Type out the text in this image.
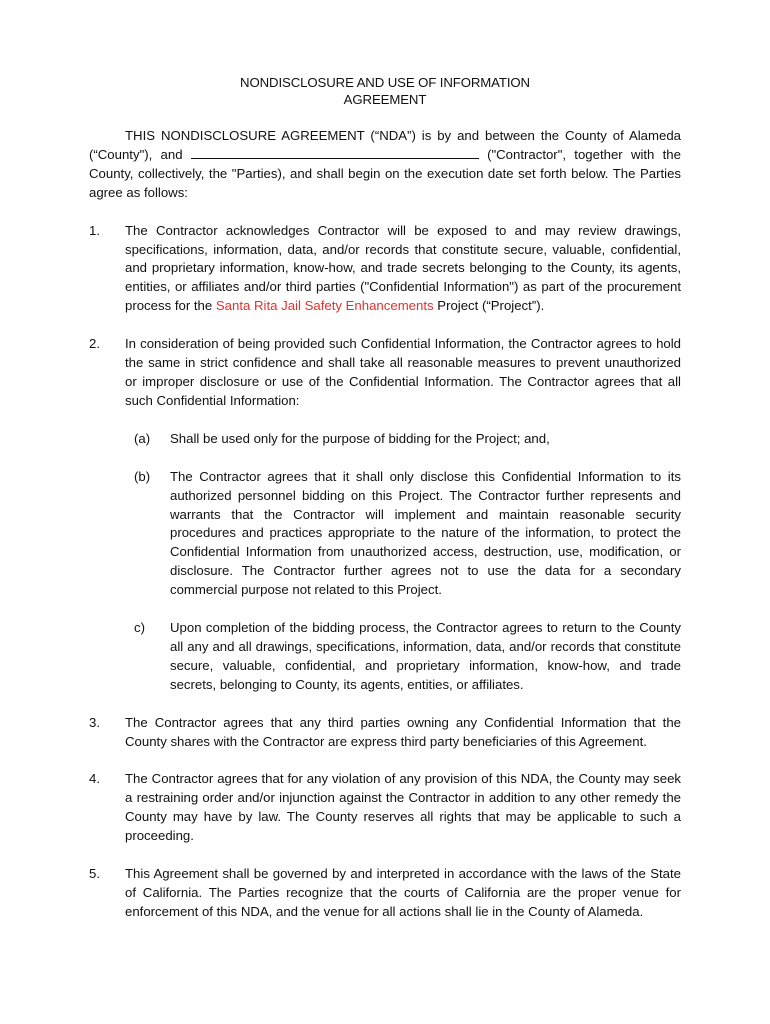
NONDISCLOSURE AND USE OF INFORMATION
AGREEMENT

THIS NONDISCLOSURE AGREEMENT (“NDA”) is by and between the County of Alameda (“County"), and	("Contractor", together with the County, collectively, the "Parties), and shall begin on the execution date set forth below. The Parties agree as follows:

1.	The Contractor acknowledges Contractor will be exposed to and may review drawings, specifications, information, data, and/or records that constitute secure, valuable, confidential, and proprietary information, know-how, and trade secrets belonging to the County, its agents, entities, or affiliates and/or third parties ("Confidential Information") as part of the procurement process for the Santa Rita Jail Safety Enhancements Project (“Project”).
2.	In consideration of being provided such Confidential Information, the Contractor agrees to hold the same in strict confidence and shall take all reasonable measures to prevent unauthorized or improper disclosure or use of the Confidential Information. The Contractor agrees that all such Confidential Information:
(a)	Shall be used only for the purpose of bidding for the Project; and,
(b)	The Contractor agrees that it shall only disclose this Confidential Information to its authorized personnel bidding on this Project. The Contractor further represents and warrants that the Contractor will implement and maintain reasonable security procedures and practices appropriate to the nature of the information, to protect the Confidential Information from unauthorized access, destruction, use, modification, or disclosure. The Contractor further agrees not to use the data for a secondary commercial purpose not related to this Project.
c)	Upon completion of the bidding process, the Contractor agrees to return to the County all any and all drawings, specifications, information, data, and/or records that constitute secure, valuable, confidential, and proprietary information, know-how, and trade secrets, belonging to County, its agents, entities, or affiliates.
3.	The Contractor agrees that any third parties owning any Confidential Information that the County shares with the Contractor are express third party beneficiaries of this Agreement.
4.	The Contractor agrees that for any violation of any provision of this NDA, the County may seek a restraining order and/or injunction against the Contractor in addition to any other remedy the County may have by law. The County reserves all rights that may be applicable to such a proceeding.
5.	This Agreement shall be governed by and interpreted in accordance with the laws of the State of California. The Parties recognize that the courts of California are the proper venue for enforcement of this NDA, and the venue for all actions shall lie in the County of Alameda.
